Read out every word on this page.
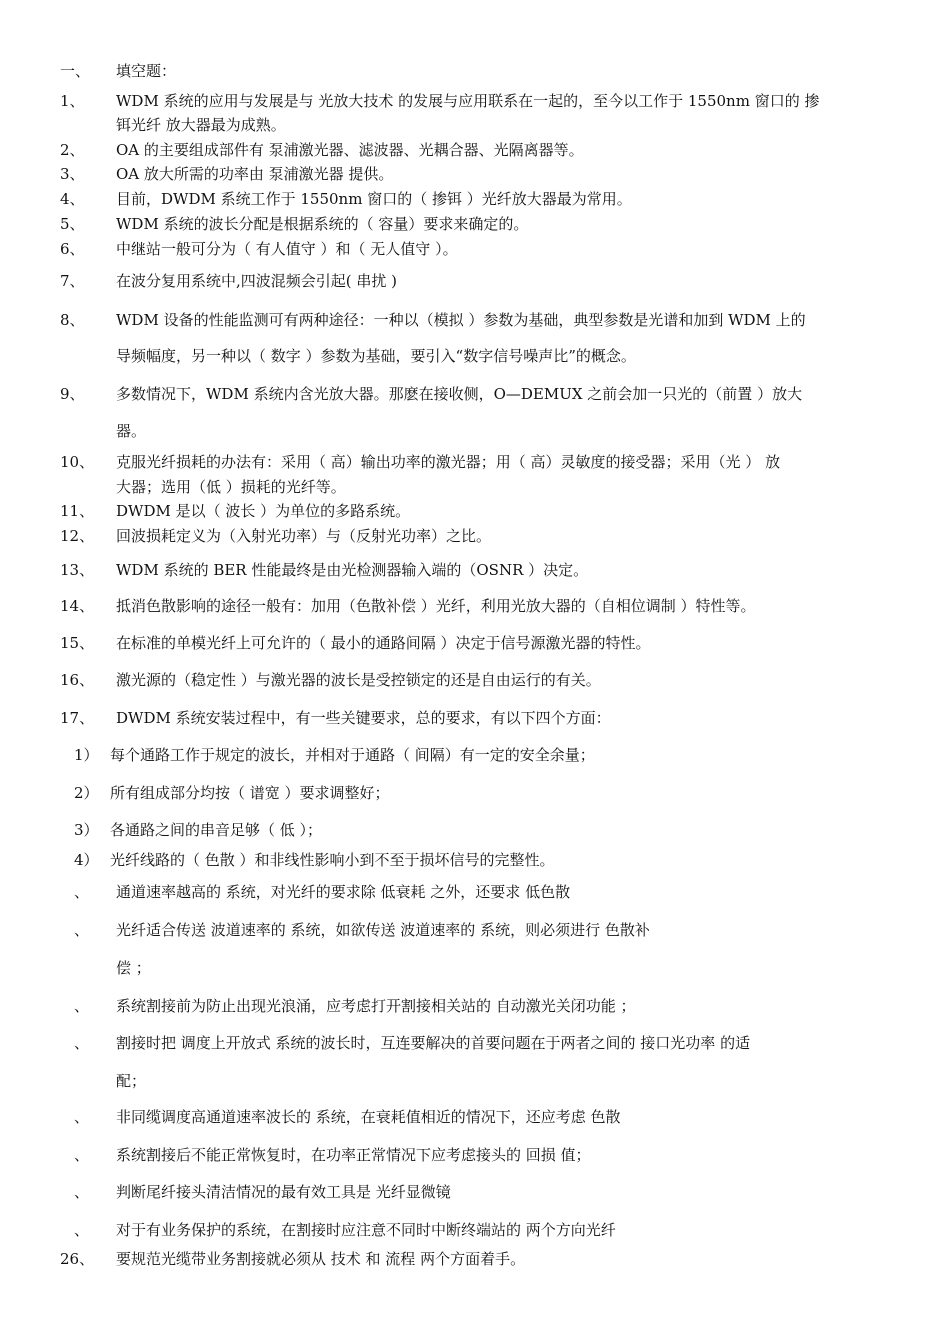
一、 填空题：
1、 WDM 系统的应用与发展是与 光放大技术 的发展与应用联系在一起的，至今以工作于 1550nm 窗口的 掺
铒光纤 放大器最为成熟。
2、 OA 的主要组成部件有 泵浦激光器、滤波器、光耦合器、光隔离器等。
3、 OA 放大所需的功率由 泵浦激光器 提供。
4、 目前，DWDM 系统工作于 1550nm 窗口的（ 掺铒 ）光纤放大器最为常用。
5、 WDM 系统的波长分配是根据系统的（ 容量）要求来确定的。
6、 中继站一般可分为（ 有人值守 ）和（ 无人值守 ）。
7、 在波分复用系统中,四波混频会引起( 串扰 )
8、 WDM 设备的性能监测可有两种途径：一种以（模拟 ）参数为基础，典型参数是光谱和加到 WDM 上的
导频幅度，另一种以（ 数字 ）参数为基础，要引入“数字信号噪声比”的概念。
9、 多数情况下，WDM 系统内含光放大器。那麽在接收侧，O—DEMUX 之前会加一只光的（前置 ）放大
器。
10、 克服光纤损耗的办法有：采用（ 高）输出功率的激光器；用（ 高）灵敏度的接受器；采用（光 ） 放
大器；选用（低 ）损耗的光纤等。
11、 DWDM 是以（ 波长 ）为单位的多路系统。
12、 回波损耗定义为（入射光功率）与（反射光功率）之比。
13、 WDM 系统的 BER 性能最终是由光检测器输入端的（OSNR ）决定。
14、 抵消色散影响的途径一般有：加用（色散补偿 ）光纤，利用光放大器的（自相位调制 ）特性等。
15、 在标准的单模光纤上可允许的（ 最小的通路间隔 ）决定于信号源激光器的特性。
16、 激光源的（稳定性 ）与激光器的波长是受控锁定的还是自由运行的有关。
17、 DWDM 系统安装过程中，有一些关键要求，总的要求，有以下四个方面：
1） 每个通路工作于规定的波长，并相对于通路（ 间隔）有一定的安全余量；
2） 所有组成部分均按（ 谱宽 ）要求调整好；
3） 各通路之间的串音足够（ 低 ）；
4） 光纤线路的（ 色散 ）和非线性影响小到不至于损坏信号的完整性。
、 通道速率越高的 系统，对光纤的要求除 低衰耗 之外，还要求 低色散
、 光纤适合传送 波道速率的 系统，如欲传送 波道速率的 系统，则必须进行 色散补
偿 ；
、 系统割接前为防止出现光浪涌，应考虑打开割接相关站的 自动激光关闭功能 ；
、 割接时把 调度上开放式 系统的波长时，互连要解决的首要问题在于两者之间的 接口光功率 的适
配；
、 非同缆调度高通道速率波长的 系统，在衰耗值相近的情况下，还应考虑 色散
、 系统割接后不能正常恢复时，在功率正常情况下应考虑接头的 回损 值；
、 判断尾纤接头清洁情况的最有效工具是 光纤显微镜
、 对于有业务保护的系统，在割接时应注意不同时中断终端站的 两个方向光纤
26、 要规范光缆带业务割接就必须从 技术 和 流程 两个方面着手。
